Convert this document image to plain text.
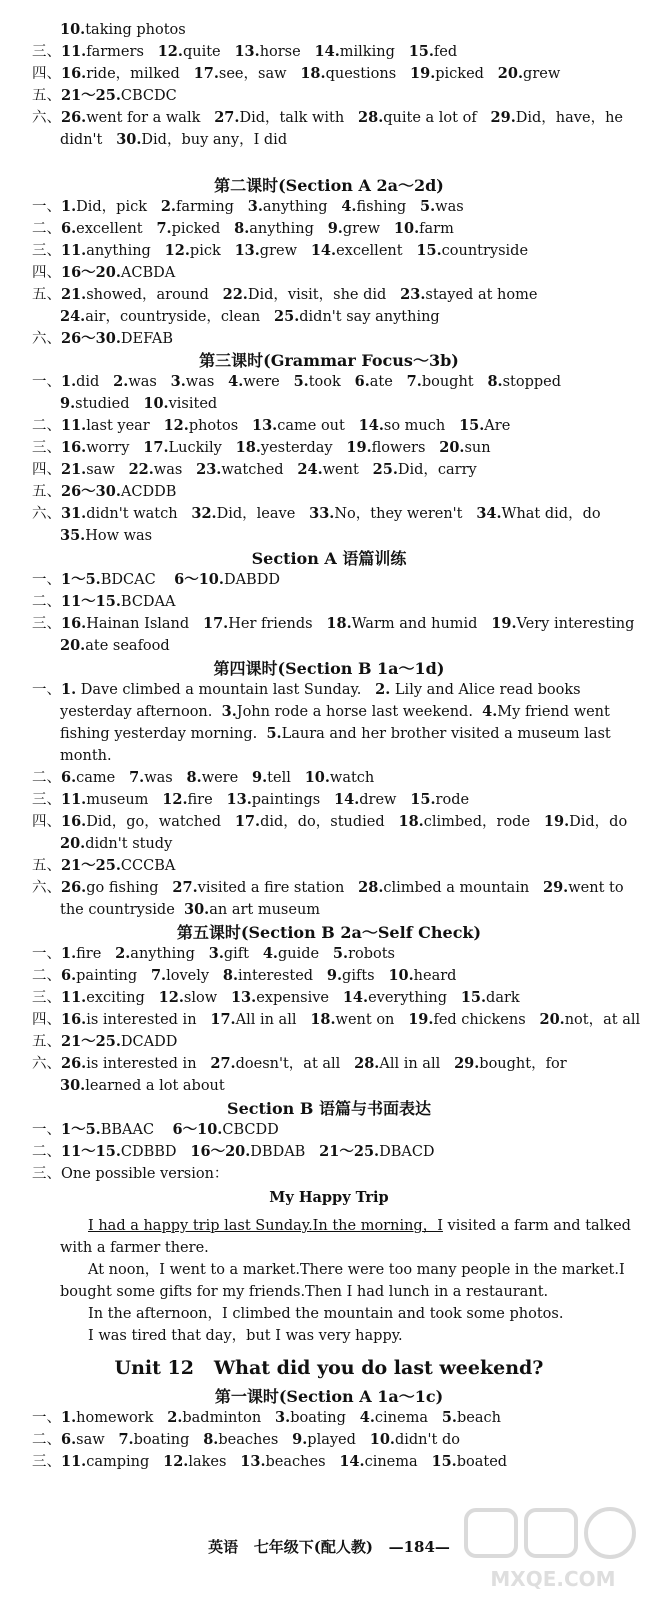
10.taking photos
三、11.farmers   12.quite   13.horse   14.milking   15.fed
四、16.ride，milked   17.see，saw   18.questions   19.picked   20.grew
五、21～25.CBCDC
六、26.went for a walk   27.Did，talk with   28.quite a lot of   29.Did，have，he
didn't   30.Did，buy any，I did
一、1.Did，pick   2.farming   3.anything   4.fishing   5.was
二、6.excellent   7.picked   8.anything   9.grew   10.farm
三、11.anything   12.pick   13.grew   14.excellent   15.countryside
四、16～20.ACBDA
五、21.showed，around   22.Did，visit，she did   23.stayed at home
24.air，countryside，clean   25.didn't say anything
六、26～30.DEFAB
一、1.did   2.was   3.was   4.were   5.took   6.ate   7.bought   8.stopped
9.studied   10.visited
二、11.last year   12.photos   13.came out   14.so much   15.Are
三、16.worry   17.Luckily   18.yesterday   19.flowers   20.sun
四、21.saw   22.was   23.watched   24.went   25.Did，carry
五、26～30.ACDDB
六、31.didn't watch   32.Did，leave   33.No，they weren't   34.What did，do
35.How was
一、1～5.BDCAC    6～10.DABDD
二、11～15.BCDAA
三、16.Hainan Island   17.Her friends   18.Warm and humid   19.Very interesting
20.ate seafood
一、1. Dave climbed a mountain last Sunday.   2. Lily and Alice read books
yesterday afternoon.  3.John rode a horse last weekend.  4.My friend went
fishing yesterday morning.  5.Laura and her brother visited a museum last
month.
二、6.came   7.was   8.were   9.tell   10.watch
三、11.museum   12.fire   13.paintings   14.drew   15.rode
四、16.Did，go，watched   17.did，do，studied   18.climbed，rode   19.Did，do
20.didn't study
五、21～25.CCCBA
六、26.go fishing   27.visited a fire station   28.climbed a mountain   29.went to
the countryside  30.an art museum
一、1.fire   2.anything   3.gift   4.guide   5.robots
二、6.painting   7.lovely   8.interested   9.gifts   10.heard
三、11.exciting   12.slow   13.expensive   14.everything   15.dark
四、16.is interested in   17.All in all   18.went on   19.fed chickens   20.not，at all
五、21～25.DCADD
六、26.is interested in   27.doesn't，at all   28.All in all   29.bought，for
30.learned a lot about
一、1～5.BBAAC    6～10.CBCDD
二、11～15.CDBBD   16～20.DBDAB   21～25.DBACD
三、One possible version：
I had a happy trip last Sunday.In the morning，I visited a farm and talked
with a farmer there.
At noon，I went to a market.There were too many people in the market.I
bought some gifts for my friends.Then I had lunch in a restaurant.
In the afternoon，I climbed the mountain and took some photos.
I was tired that day，but I was very happy.
一、1.homework   2.badminton   3.boating   4.cinema   5.beach
二、6.saw   7.boating   8.beaches   9.played   10.didn't do
三、11.camping   12.lakes   13.beaches   14.cinema   15.boated
第二课时(Section A 2a～2d)
第三课时(Grammar Focus～3b)
Section A 语篇训练
第四课时(Section B 1a～1d)
第五课时(Section B 2a～Self Check)
Section B 语篇与书面表达
My Happy Trip
Unit 12   What did you do last weekend?
第一课时(Section A 1a～1c)
英语   七年级下(配人教)   —184—
MXQE.COM
